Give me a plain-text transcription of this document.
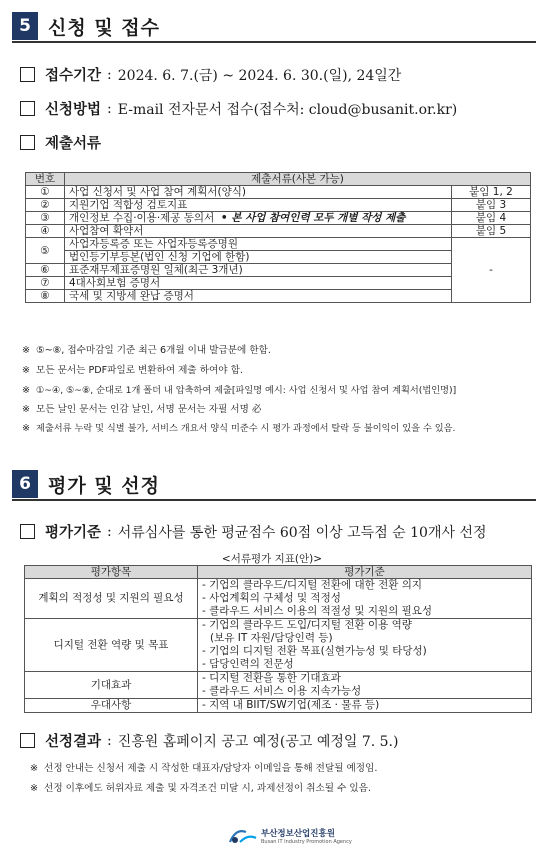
5 신청 및 접수
접수기간 : 2024. 6. 7.(금) ~ 2024. 6. 30.(일), 24일간
신청방법 : E-mail 전자문서 접수(접수처: cloud@busanit.or.kr)
제출서류
번호	제출서류(사본 가능)	
①	사업 신청서 및 사업 참여 계획서(양식)	붙임 1, 2
②	지원기업 적합성 검토지표	붙임 3
③	개인정보 수집·이용·제공 동의서 • 본 사업 참여인력 모두 개별 작성 제출	붙임 4
④	사업참여 확약서	붙임 5
⑤	사업자등록증 또는 사업자등록증명원	-
	법인등기부등본(법인 신청 기업에 한함)	
⑥	표준재무제표증명원 일체(최근 3개년)	
⑦	4대사회보험 증명서	
⑧	국세 및 지방세 완납 증명서	
※ ⑤~⑧, 접수마감일 기준 최근 6개월 이내 발급분에 한함.
※ 모든 문서는 PDF파일로 변환하여 제출 하여야 함.
※ ①~④, ⑤~⑧, 순대로 1개 폴더 내 압축하여 제출[파일명 예시: 사업 신청서 및 사업 참여 계획서(법인명)]
※ 모든 날인 문서는 인감 날인, 서명 문서는 자필 서명 必
※ 제출서류 누락 및 식별 불가, 서비스 개요서 양식 미준수 시 평가 과정에서 탈락 등 불이익이 있을 수 있음.
6 평가 및 선정
평가기준 : 서류심사를 통한 평균점수 60점 이상 고득점 순 10개사 선정
<서류평가 지표(안)>
평가항목	평가기준
계획의 적정성 및 지원의 필요성	- 기업의 클라우드/디지털 전환에 대한 전환 의지
- 사업계획의 구체성 및 적정성
- 클라우드 서비스 이용의 적절성 및 지원의 필요성

디지털 전환 역량 및 목표	- 기업의 클라우드 도입/디지털 전환 이용 역량
(보유 IT 자원/담당인력 등)
- 기업의 디지털 전환 목표(실현가능성 및 타당성)
- 담당인력의 전문성

기대효과	- 디지털 전환을 통한 기대효과
- 클라우드 서비스 이용 지속가능성

우대사항	- 지역 내 BIIT/SW기업(제조 · 물류 등)
선정결과 : 진흥원 홈페이지 공고 예정(공고 예정일 7. 5.)
※ 선정 안내는 신청서 제출 시 작성한 대표자/담당자 이메일을 통해 전달될 예정임.
※ 선정 이후에도 허위자료 제출 및 자격조건 미달 시, 과제선정이 취소될 수 있음.
부산정보산업진흥원
Busan IT Industry Promotion Agency
